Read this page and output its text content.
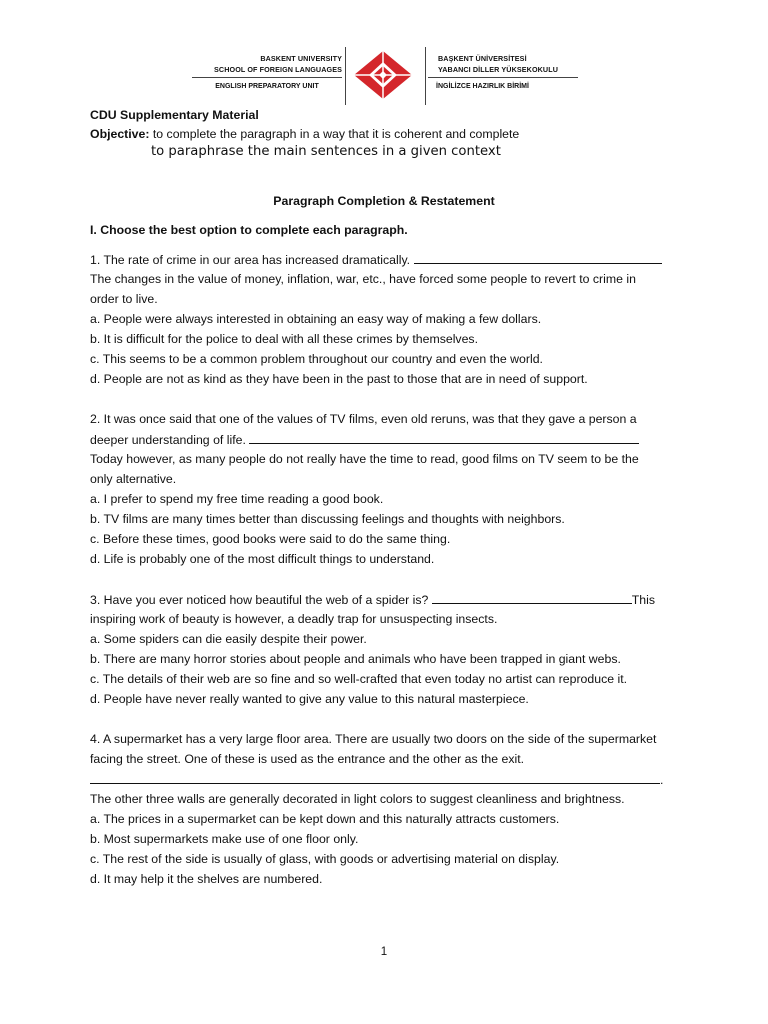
BASKENT UNIVERSITY
SCHOOL OF FOREIGN LANGUAGES
BAŞKENT ÜNİVERSİTESİ
YABANCI DİLLER YÜKSEKOKULU
ENGLISH PREPARATORY UNIT	İNGİLİZCE HAZIRLIK BİRİMİ
CDU Supplementary Material
Objective: to complete the paragraph in a way that it is coherent and complete
to paraphrase the main sentences in a given context
Paragraph Completion & Restatement
I. Choose the best option to complete each paragraph.
1. The rate of crime in our area has increased dramatically.
The changes in the value of money, inflation, war, etc., have forced some people to revert to crime in
order to live.
a. People were always interested in obtaining an easy way of making a few dollars.
b. It is difficult for the police to deal with all these crimes by themselves.
c. This seems to be a common problem throughout our country and even the world.
d. People are not as kind as they have been in the past to those that are in need of support.
2. It was once said that one of the values of TV films, even old reruns, was that they gave a person a
deeper understanding of life.
Today however, as many people do not really have the time to read, good films on TV seem to be the
only alternative.
a. I prefer to spend my free time reading a good book.
b. TV films are many times better than discussing feelings and thoughts with neighbors.
c. Before these times, good books were said to do the same thing.
d. Life is probably one of the most difficult things to understand.
3. Have you ever noticed how beautiful the web of a spider is?	This
inspiring work of beauty is however, a deadly trap for unsuspecting insects.
a. Some spiders can die easily despite their power.
b. There are many horror stories about people and animals who have been trapped in giant webs.
c. The details of their web are so fine and so well-crafted that even today no artist can reproduce it.
d. People have never really wanted to give any value to this natural masterpiece.
4. A supermarket has a very large floor area. There are usually two doors on the side of the supermarket
facing the street. One of these is used as the entrance and the other as the exit.
.
The other three walls are generally decorated in light colors to suggest cleanliness and brightness.
a. The prices in a supermarket can be kept down and this naturally attracts customers.
b. Most supermarkets make use of one floor only.
c. The rest of the side is usually of glass, with goods or advertising material on display.
d. It may help it the shelves are numbered.
1
